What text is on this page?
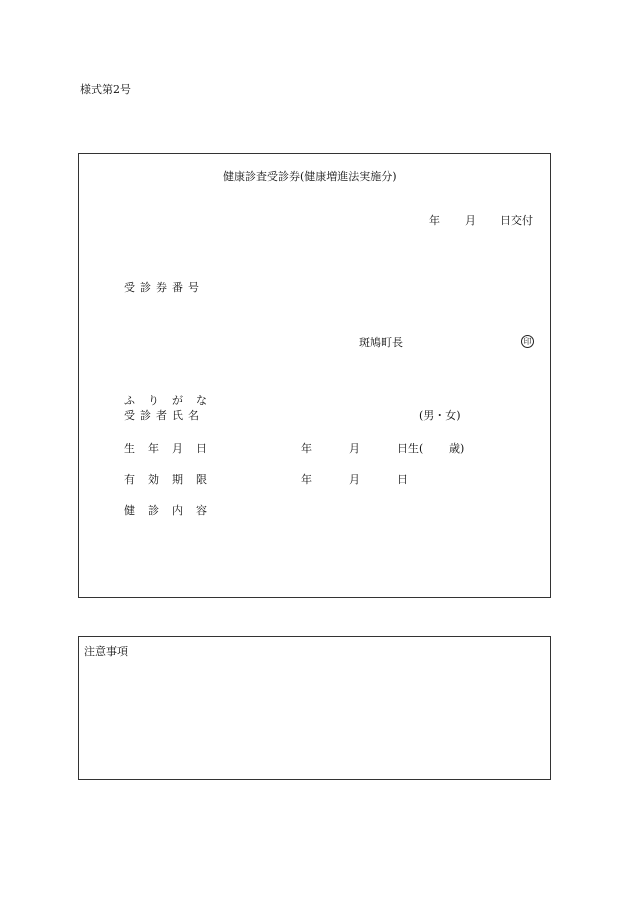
様式第2号
健康診査受診券(健康増進法実施分)
年 月 日交付
受診券番号
斑鳩町長	印
ふりがな
受診者氏名	(男・女)
生年月日	年	月	日生( 歳)
有効期限	年	月	日
健診内容
注意事項
